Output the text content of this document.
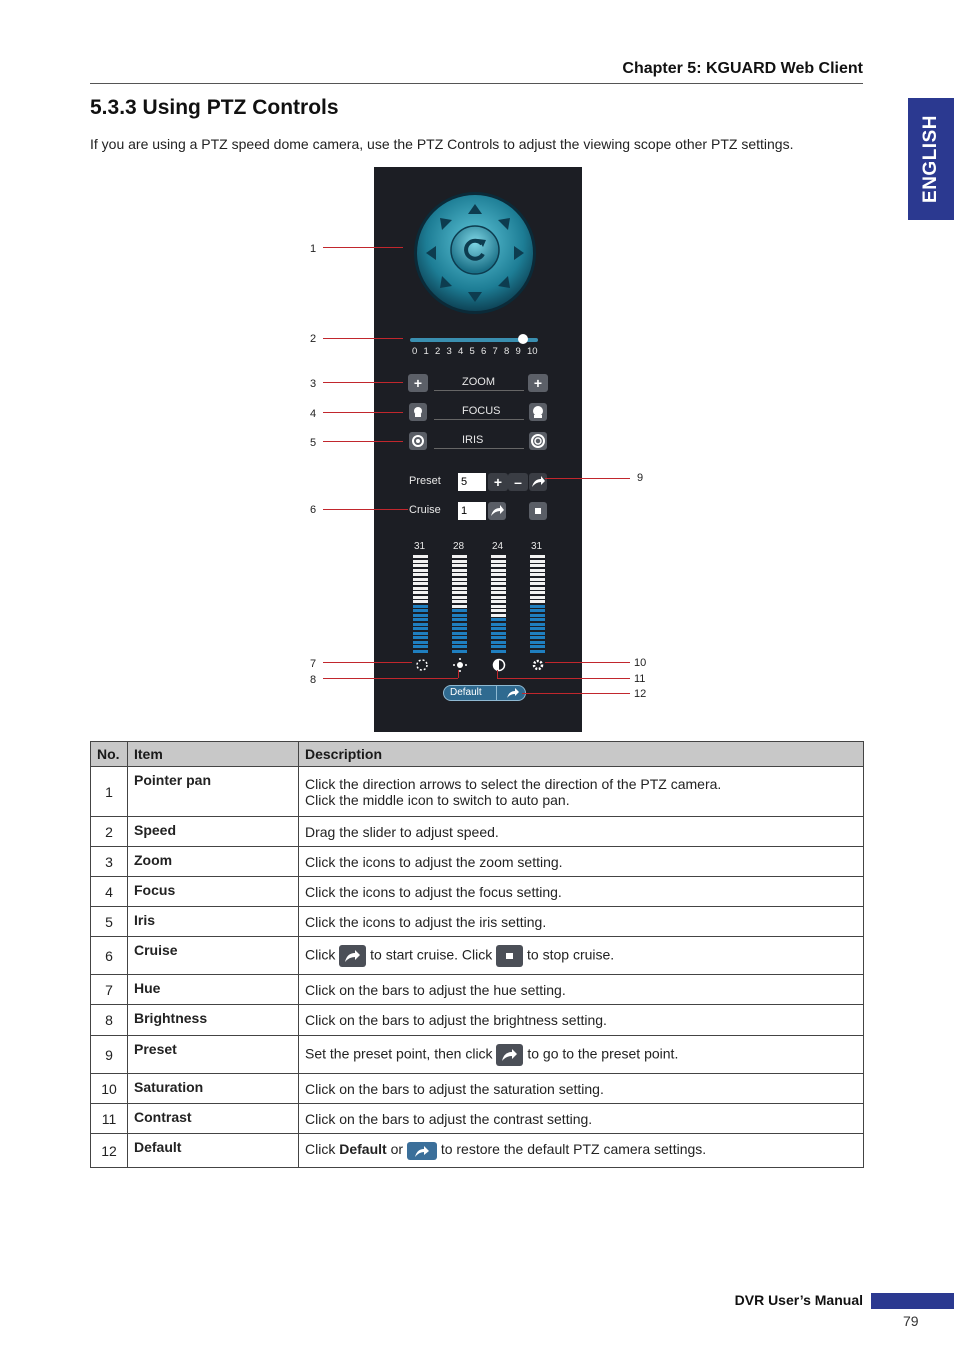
Chapter 5: KGUARD Web Client
ENGLISH
5.3.3 Using PTZ Controls
If you are using a PTZ speed dome camera, use the PTZ Controls to adjust the viewing scope other PTZ settings.
0 1 2 3 4 5 6 7 8 9 10
+	ZOOM	+
FOCUS
IRIS
Preset 5	+ –
Cruise 1
31	28	24	31
Default
1
2
3
4
5
6
7
8
9
10
11
12
No.	Item	Description
1	Pointer pan	Click the direction arrows to select the direction of the PTZ camera.
Click the middle icon to switch to auto pan.

2	Speed	Drag the slider to adjust speed.
3	Zoom	Click the icons to adjust the zoom setting.
4	Focus	Click the icons to adjust the focus setting.
5	Iris	Click the icons to adjust the iris setting.
6	Cruise	Click to start cruise. Click to stop cruise.
7	Hue	Click on the bars to adjust the hue setting.
8	Brightness	Click on the bars to adjust the brightness setting.
9	Preset	Set the preset point, then click to go to the preset point.
10	Saturation	Click on the bars to adjust the saturation setting.
11	Contrast	Click on the bars to adjust the contrast setting.
12	Default	Click Default or to restore the default PTZ camera settings.
DVR User’s Manual
79
